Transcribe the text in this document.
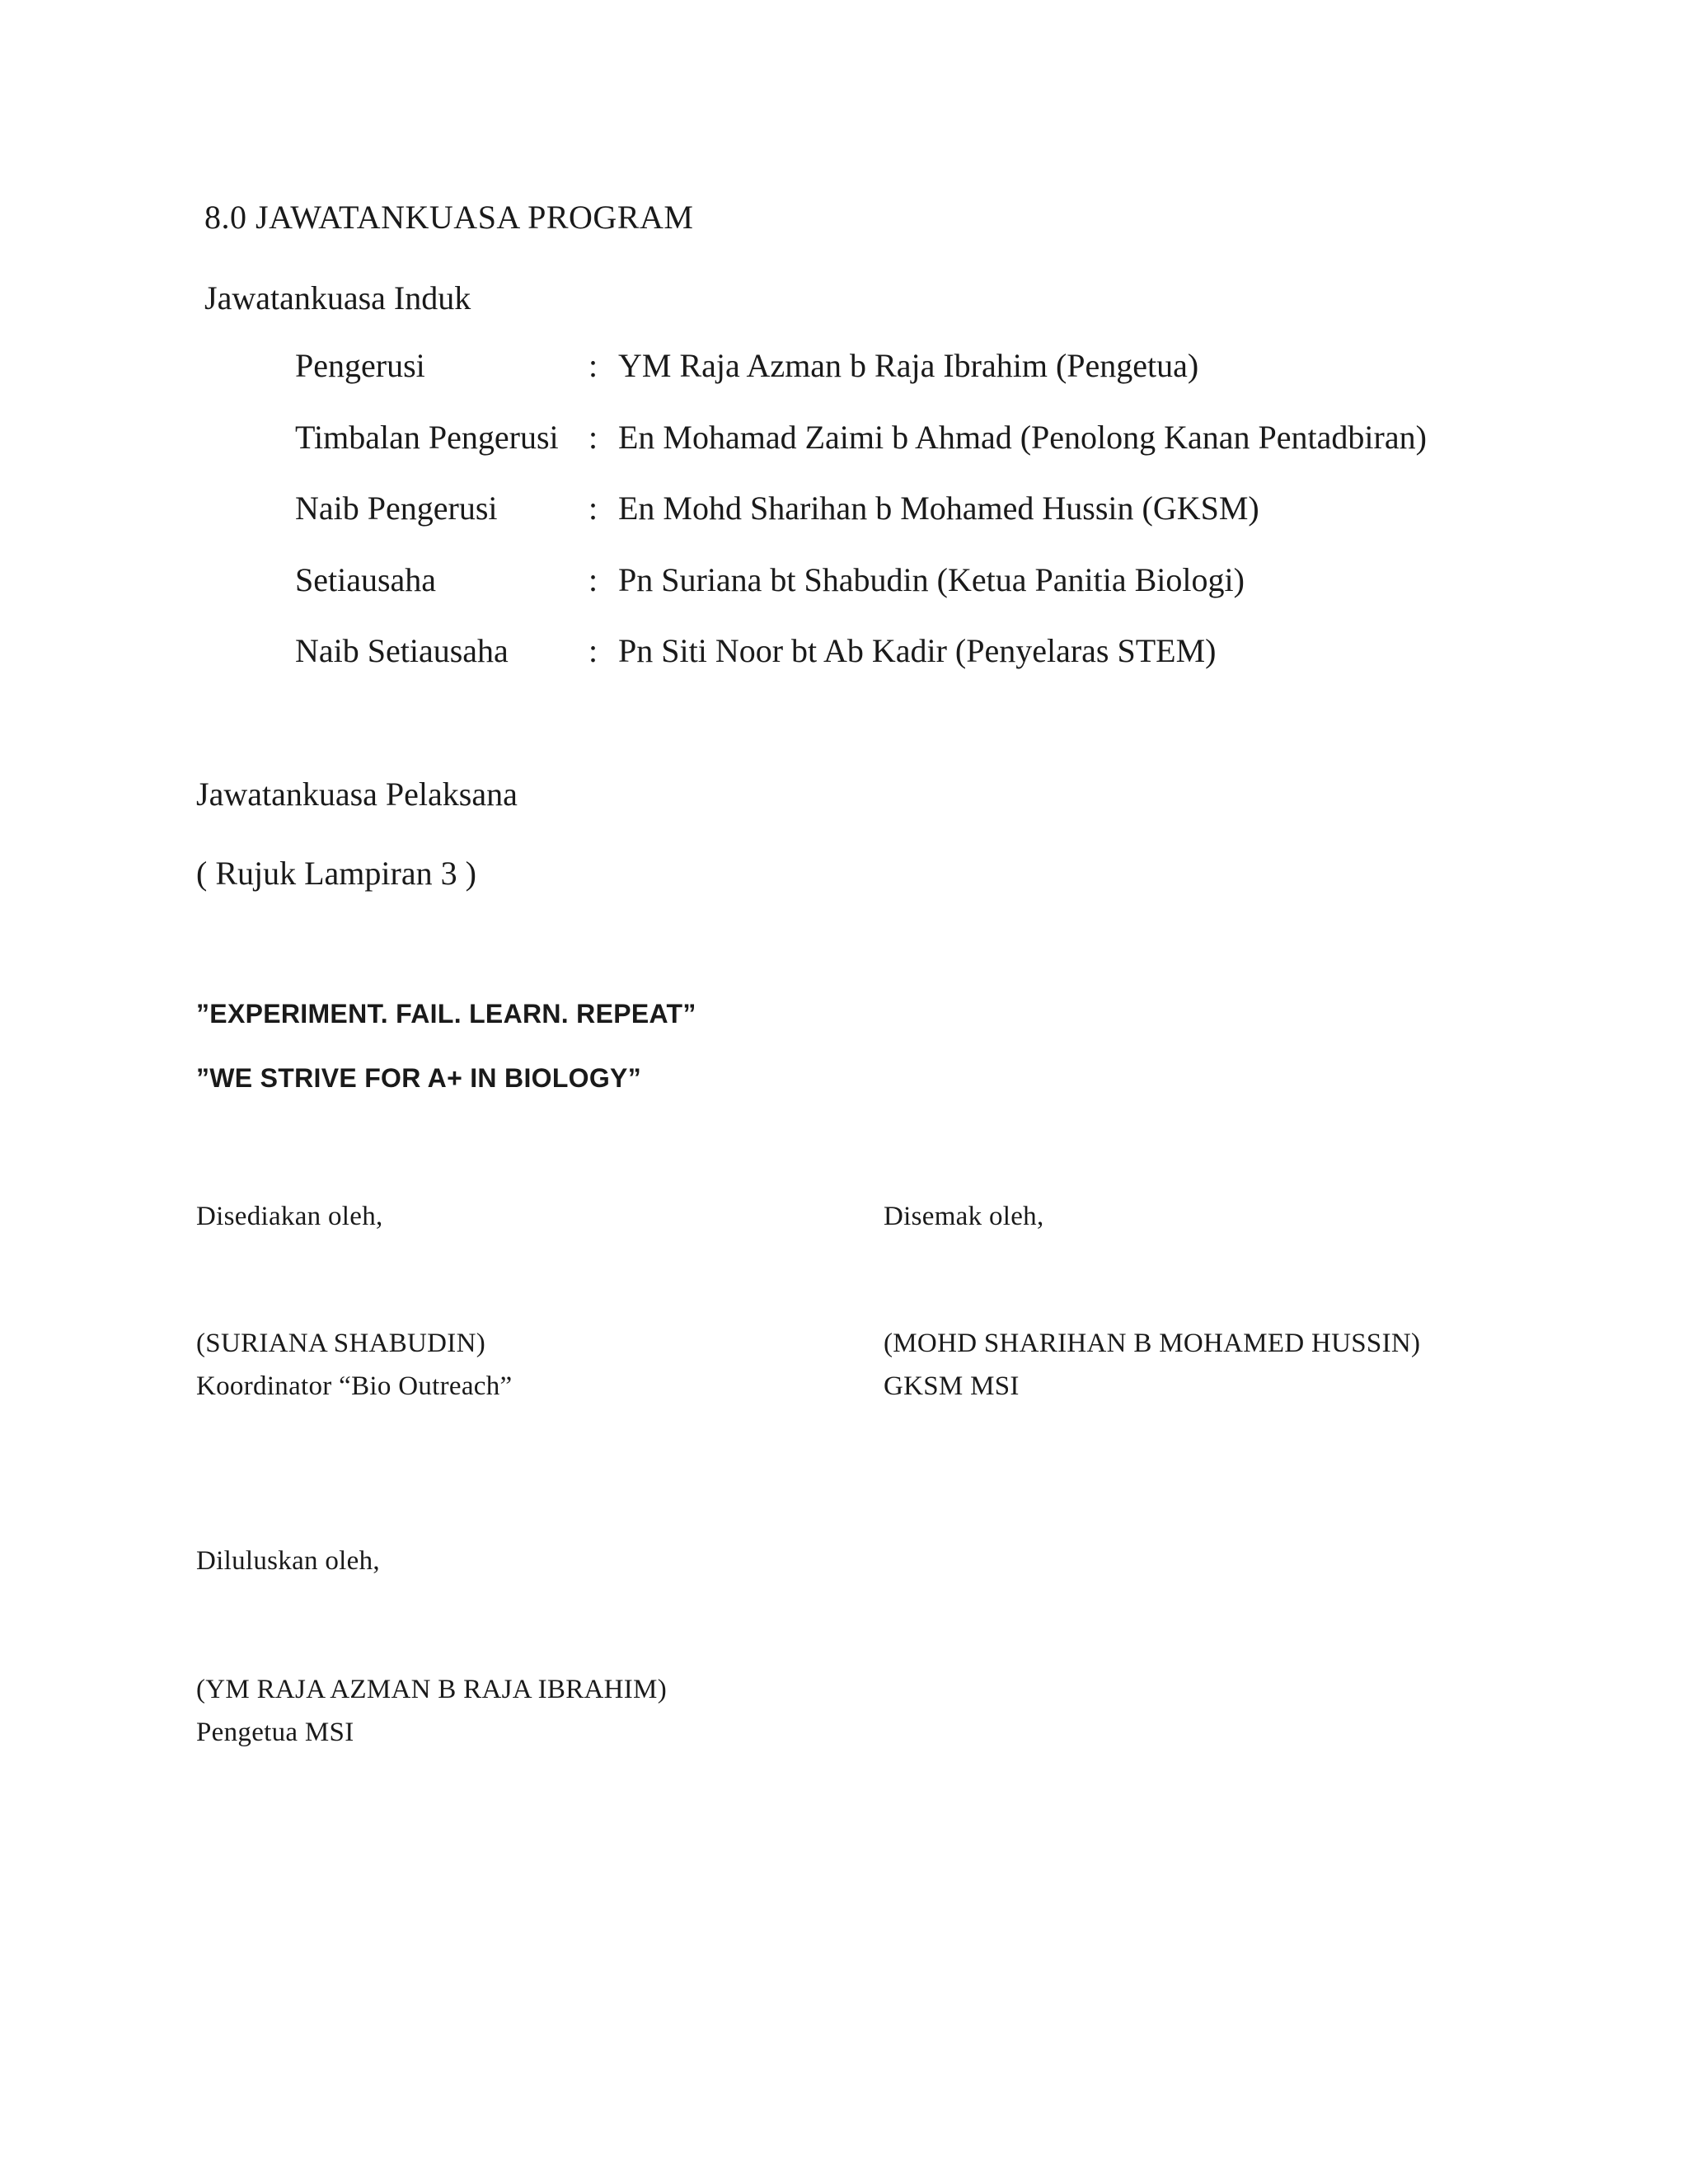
8.0 JAWATANKUASA PROGRAM
Jawatankuasa Induk
Pengerusi	: YM Raja Azman b Raja Ibrahim (Pengetua)
Timbalan Pengerusi : En Mohamad Zaimi b Ahmad (Penolong Kanan Pentadbiran)
Naib Pengerusi	: En Mohd Sharihan b Mohamed Hussin (GKSM)
Setiausaha	: Pn Suriana bt Shabudin (Ketua Panitia Biologi)
Naib Setiausaha : Pn Siti Noor bt Ab Kadir (Penyelaras STEM)
Jawatankuasa Pelaksana
( Rujuk Lampiran 3 )
”EXPERIMENT. FAIL. LEARN. REPEAT”
”WE STRIVE FOR A+ IN BIOLOGY”
Disediakan oleh,	Disemak oleh,
(SURIANA SHABUDIN)
Koordinator “Bio Outreach”
(MOHD SHARIHAN B MOHAMED HUSSIN)
GKSM MSI
Diluluskan oleh,
(YM RAJA AZMAN B RAJA IBRAHIM)
Pengetua MSI
